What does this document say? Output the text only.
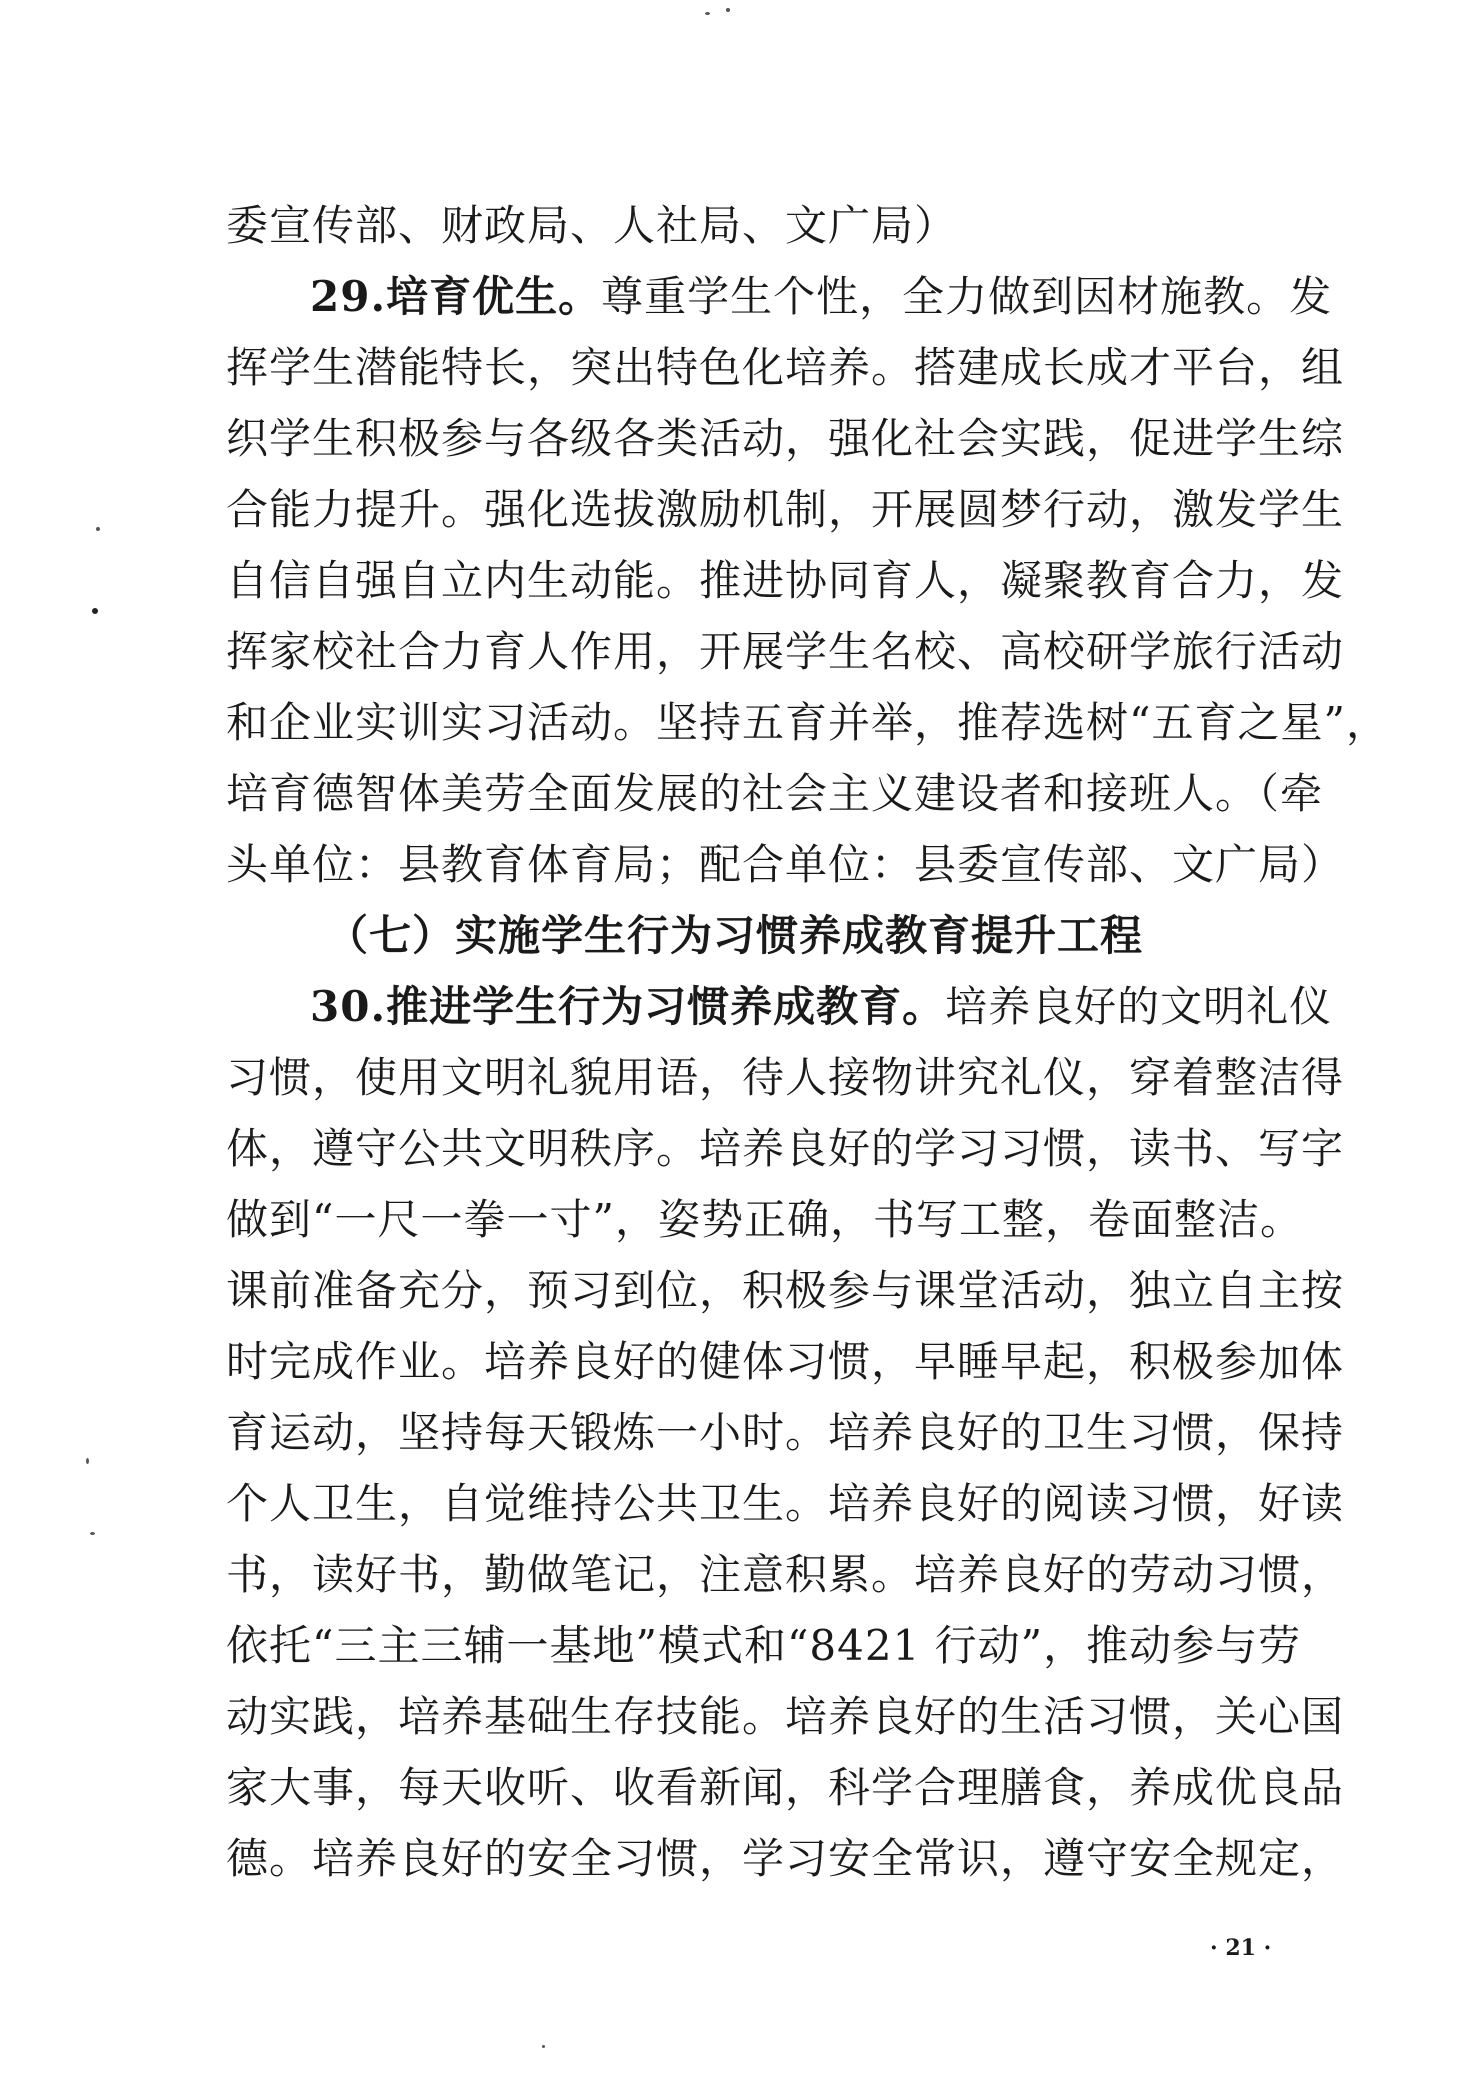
委宣传部、财政局、人社局、文广局）
29.培育优生。尊重学生个性，全力做到因材施教。发
挥学生潜能特长，突出特色化培养。搭建成长成才平台，组
织学生积极参与各级各类活动，强化社会实践，促进学生综
合能力提升。强化选拔激励机制，开展圆梦行动，激发学生
自信自强自立内生动能。推进协同育人，凝聚教育合力，发
挥家校社合力育人作用，开展学生名校、高校研学旅行活动
和企业实训实习活动。坚持五育并举，推荐选树“五育之星”，
培育德智体美劳全面发展的社会主义建设者和接班人。（牵
头单位：县教育体育局；配合单位：县委宣传部、文广局）
（七）实施学生行为习惯养成教育提升工程
30.推进学生行为习惯养成教育。培养良好的文明礼仪
习惯，使用文明礼貌用语，待人接物讲究礼仪，穿着整洁得
体，遵守公共文明秩序。培养良好的学习习惯，读书、写字
做到“一尺一拳一寸”，姿势正确，书写工整，卷面整洁。
课前准备充分，预习到位，积极参与课堂活动，独立自主按
时完成作业。培养良好的健体习惯，早睡早起，积极参加体
育运动，坚持每天锻炼一小时。培养良好的卫生习惯，保持
个人卫生，自觉维持公共卫生。培养良好的阅读习惯，好读
书，读好书，勤做笔记，注意积累。培养良好的劳动习惯，
依托“三主三辅一基地”模式和“8421 行动”，推动参与劳
动实践，培养基础生存技能。培养良好的生活习惯，关心国
家大事，每天收听、收看新闻，科学合理膳食，养成优良品
德。培养良好的安全习惯，学习安全常识，遵守安全规定，
· 21 ·
